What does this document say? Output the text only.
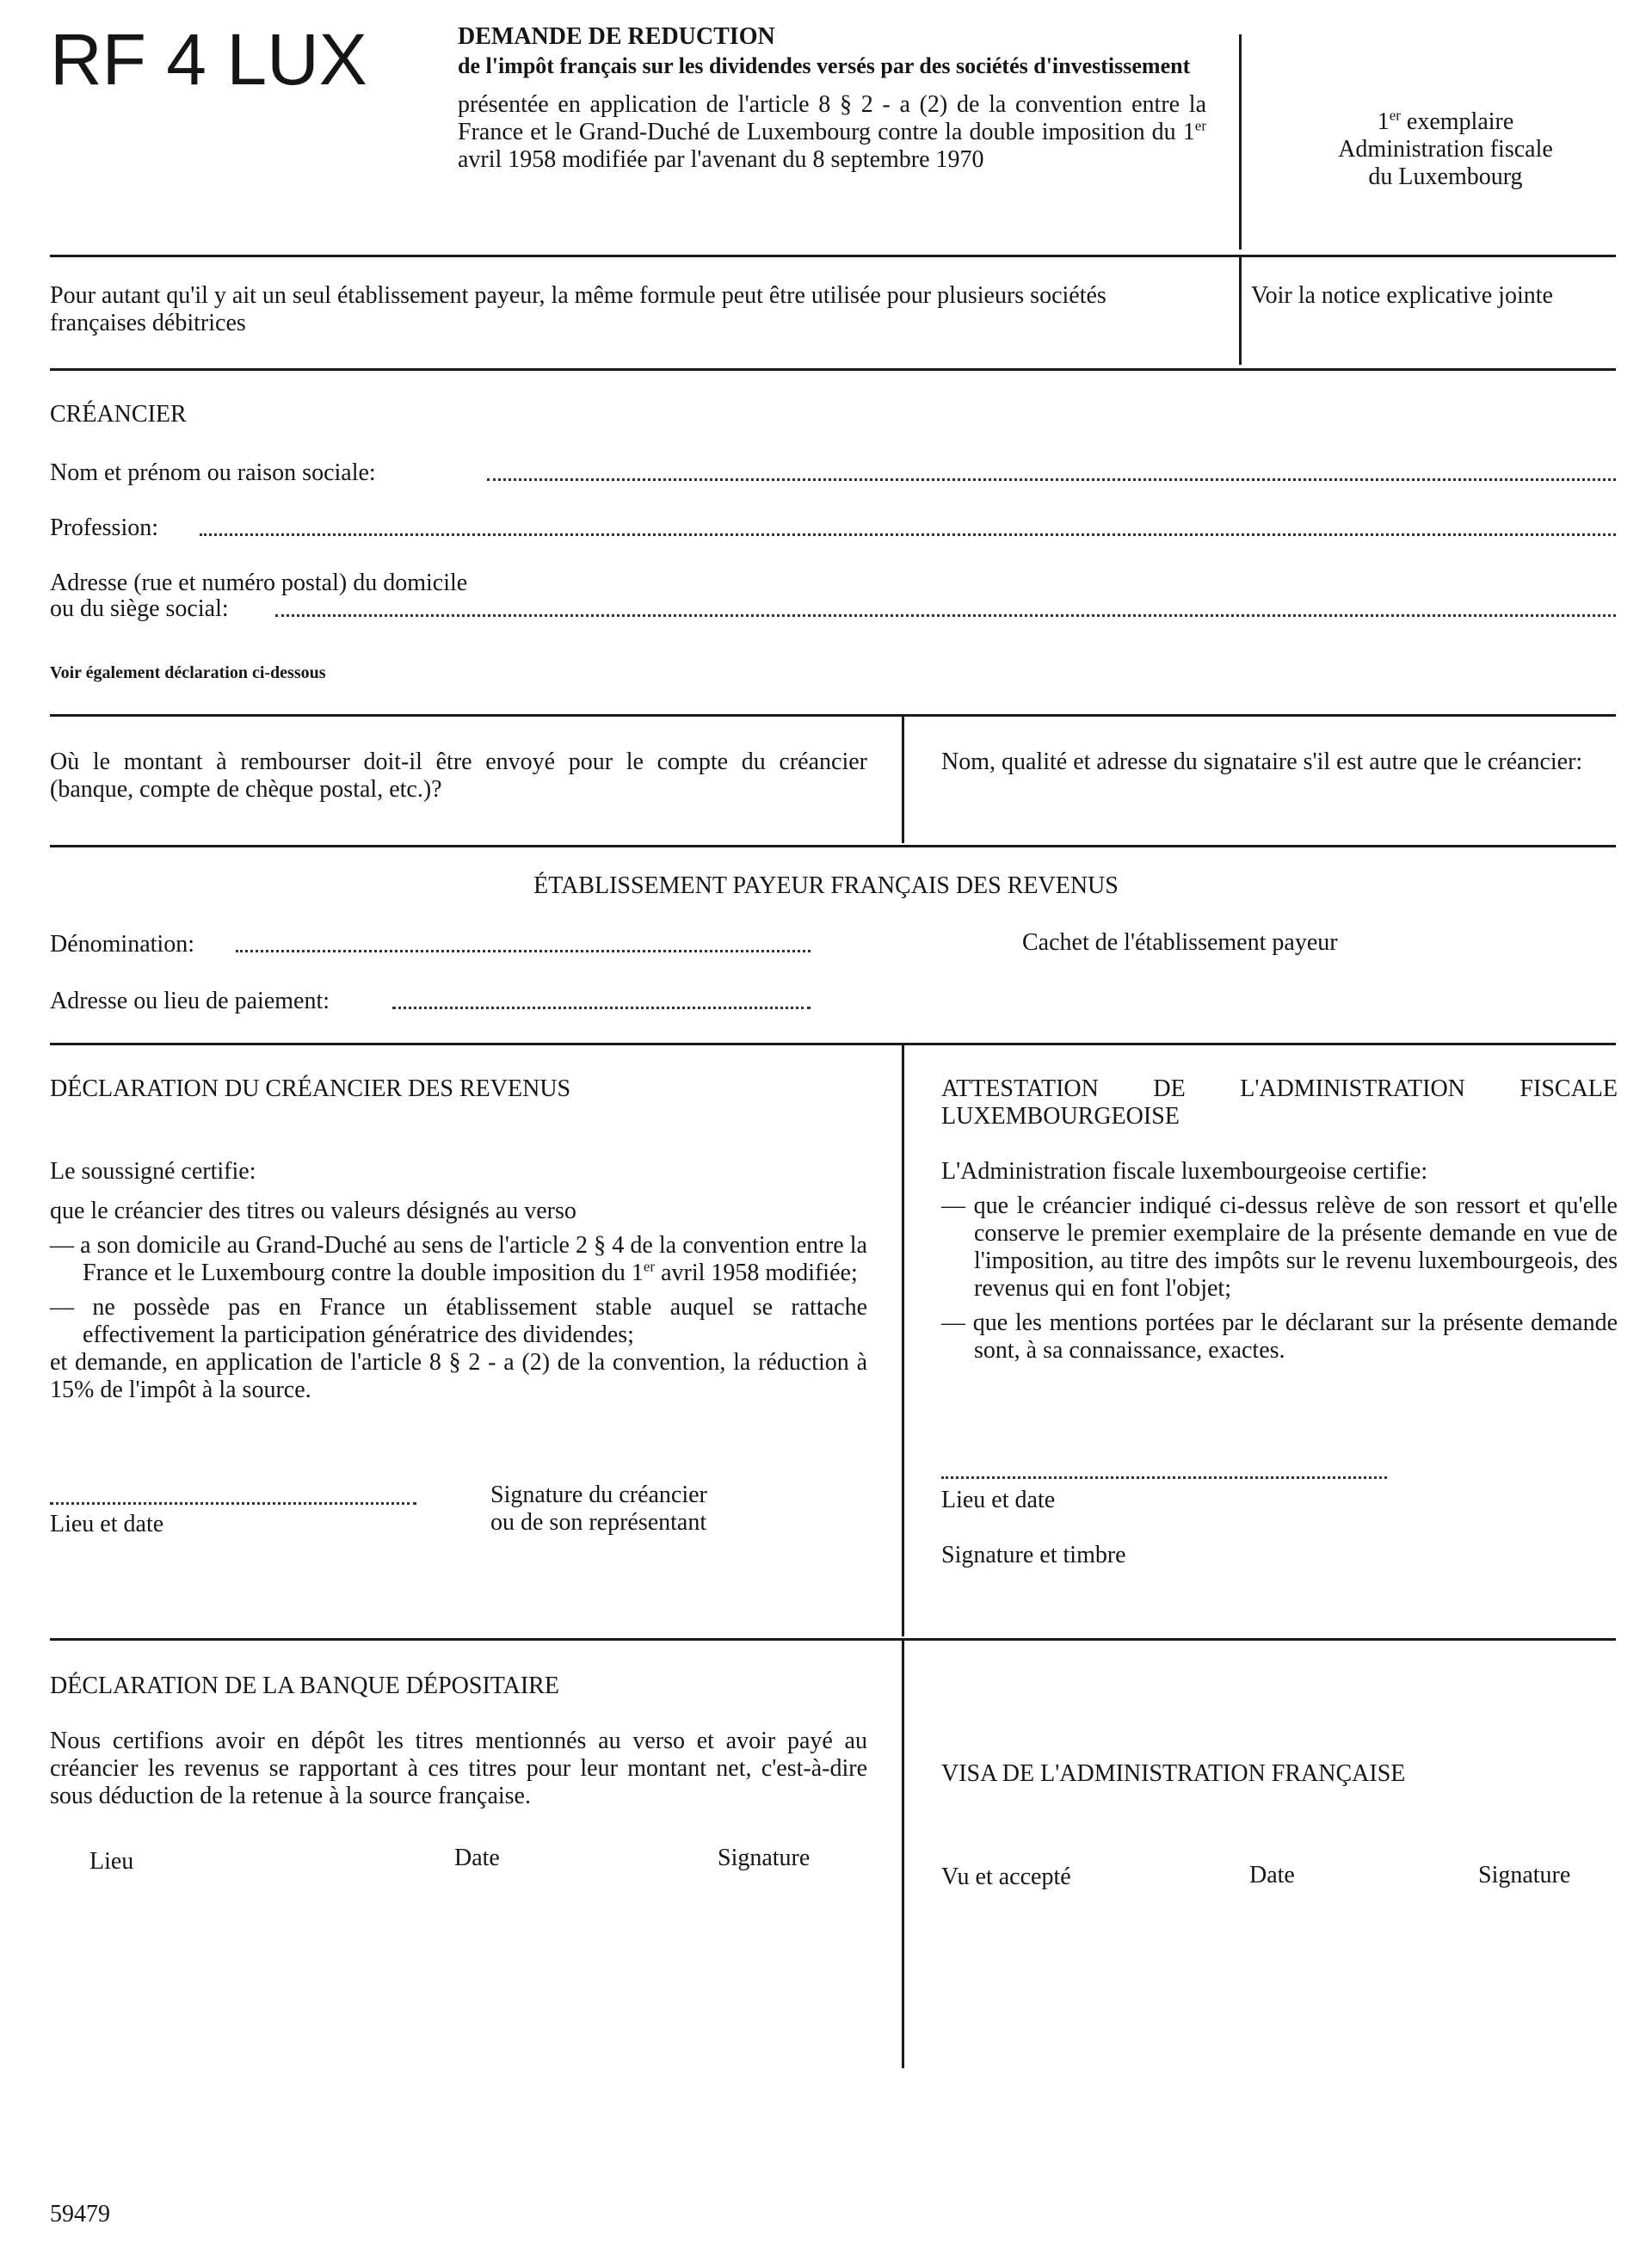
RF 4 LUX	DEMANDE DE REDUCTION
de l'impôt français sur les dividendes versés par des sociétés d'investissement
présentée en application de l'article 8 § 2 - a (2) de la convention entre la France et le Grand-Duché de Luxembourg contre la double imposition du 1er avril 1958 modifiée par l'avenant du 8 septembre 1970
1er exemplaire
Administration fiscale
du Luxembourg
Pour autant qu'il y ait un seul établissement payeur, la même formule peut être utilisée pour plusieurs sociétés françaises débitrices
Voir la notice explicative jointe
CRÉANCIER
Nom et prénom ou raison sociale:
Profession:
Adresse (rue et numéro postal) du domicile
ou du siège social:
Voir également déclaration ci-dessous
Où le montant à rembourser doit-il être envoyé pour le compte du créancier (banque, compte de chèque postal, etc.)?
Nom, qualité et adresse du signataire s'il est autre que le créancier:
ÉTABLISSEMENT PAYEUR FRANÇAIS DES REVENUS
Dénomination:	Cachet de l'établissement payeur
Adresse ou lieu de paiement:
DÉCLARATION DU CRÉANCIER DES REVENUS
Le soussigné certifie:
que le créancier des titres ou valeurs désignés au verso
— a son domicile au Grand-Duché au sens de l'article 2 § 4 de la convention entre la France et le Luxembourg contre la double imposition du 1er avril 1958 modifiée;
— ne possède pas en France un établissement stable auquel se rattache effectivement la participation génératrice des dividendes;
et demande, en application de l'article 8 § 2 - a (2) de la convention, la réduction à 15% de l'impôt à la source.
Lieu et date
Signature du créancier
ou de son représentant
ATTESTATION DE L'ADMINISTRATION FISCALE LUXEMBOURGEOISE
L'Administration fiscale luxembourgeoise certifie:
— que le créancier indiqué ci-dessus relève de son ressort et qu'elle conserve le premier exemplaire de la présente demande en vue de l'imposition, au titre des impôts sur le revenu luxembourgeois, des revenus qui en font l'objet;
— que les mentions portées par le déclarant sur la présente demande sont, à sa connaissance, exactes.
Lieu et date
Signature et timbre
DÉCLARATION DE LA BANQUE DÉPOSITAIRE
Nous certifions avoir en dépôt les titres mentionnés au verso et avoir payé au créancier les revenus se rapportant à ces titres pour leur montant net, c'est-à-dire sous déduction de la retenue à la source française.
Lieu	Date	Signature
VISA DE L'ADMINISTRATION FRANÇAISE
Vu et accepté	Date	Signature
59479
